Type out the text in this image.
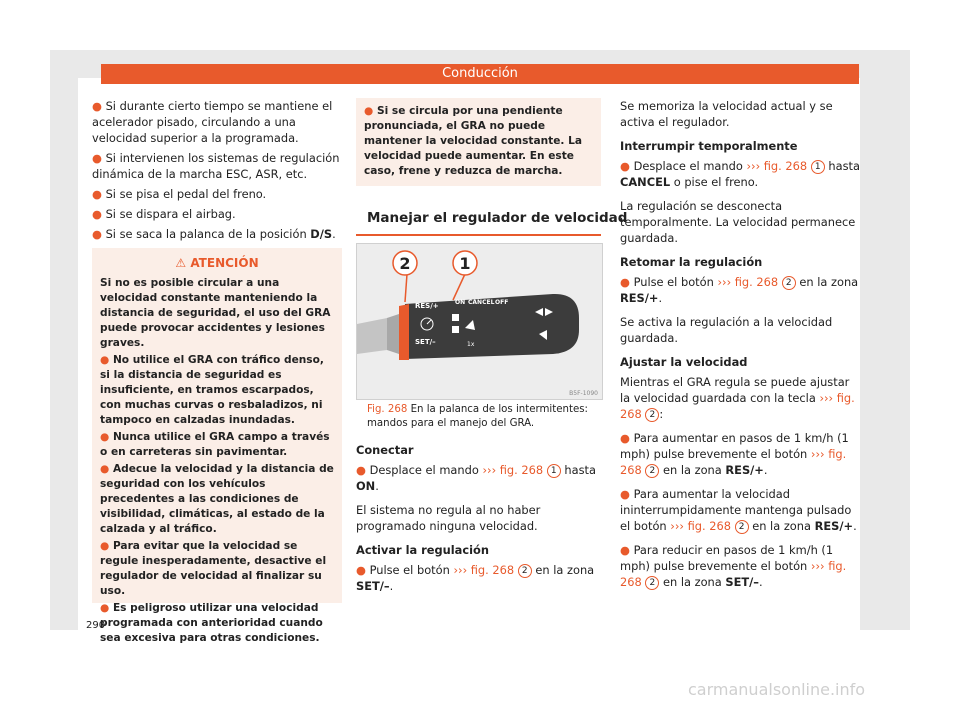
Conducción

● Si durante cierto tiempo se mantiene el acelerador pisado, circulando a una velocidad superior a la programada.

● Si intervienen los sistemas de regulación dinámica de la marcha ESC, ASR, etc.

● Si se pisa el pedal del freno.

● Si se dispara el airbag.

● Si se saca la palanca de la posición D/S.

⚠ ATENCIÓN

Si no es posible circular a una velocidad constante manteniendo la distancia de seguridad, el uso del GRA puede provocar accidentes y lesiones graves.

● No utilice el GRA con tráfico denso, si la distancia de seguridad es insuficiente, en tramos escarpados, con muchas curvas o resbaladizos, ni tampoco en calzadas inundadas.

● Nunca utilice el GRA campo a través o en carreteras sin pavimentar.

● Adecue la velocidad y la distancia de seguridad con los vehículos precedentes a las condiciones de visibilidad, climáticas, al estado de la calzada y al tráfico.

● Para evitar que la velocidad se regule inesperadamente, desactive el regulador de velocidad al finalizar su uso.

● Es peligroso utilizar una velocidad programada con anterioridad cuando sea excesiva para otras condiciones.

● Si se circula por una pendiente pronunciada, el GRA no puede mantener la velocidad constante. La velocidad puede aumentar. En este caso, frene y reduzca de marcha.
Manejar el regulador de velocidad
2	1
RES/+	ON CANCEL OFF
SET/–	1x
B5F-1090
Fig. 268 En la palanca de los intermitentes: mandos para el manejo del GRA.

Conectar

● Desplace el mando ››› fig. 268 1 hasta ON.

El sistema no regula al no haber programado ninguna velocidad.

Activar la regulación

● Pulse el botón ››› fig. 268 2 en la zona SET/–.

Se memoriza la velocidad actual y se activa el regulador.

Interrumpir temporalmente

● Desplace el mando ››› fig. 268 1 hasta CANCEL o pise el freno.

La regulación se desconecta temporalmente. La velocidad permanece guardada.

Retomar la regulación

● Pulse el botón ››› fig. 268 2 en la zona RES/+.

Se activa la regulación a la velocidad guardada.

Ajustar la velocidad

Mientras el GRA regula se puede ajustar la velocidad guardada con la tecla ››› fig. 268 2 :

● Para aumentar en pasos de 1 km/h (1 mph) pulse brevemente el botón ››› fig. 268 2 en la zona RES/+.

● Para aumentar la velocidad ininterrumpidamente mantenga pulsado el botón ››› fig. 268 2 en la zona RES/+.

● Para reducir en pasos de 1 km/h (1 mph) pulse brevemente el botón ››› fig. 268 2 en la zona SET/–.

290
carmanualsonline.info
